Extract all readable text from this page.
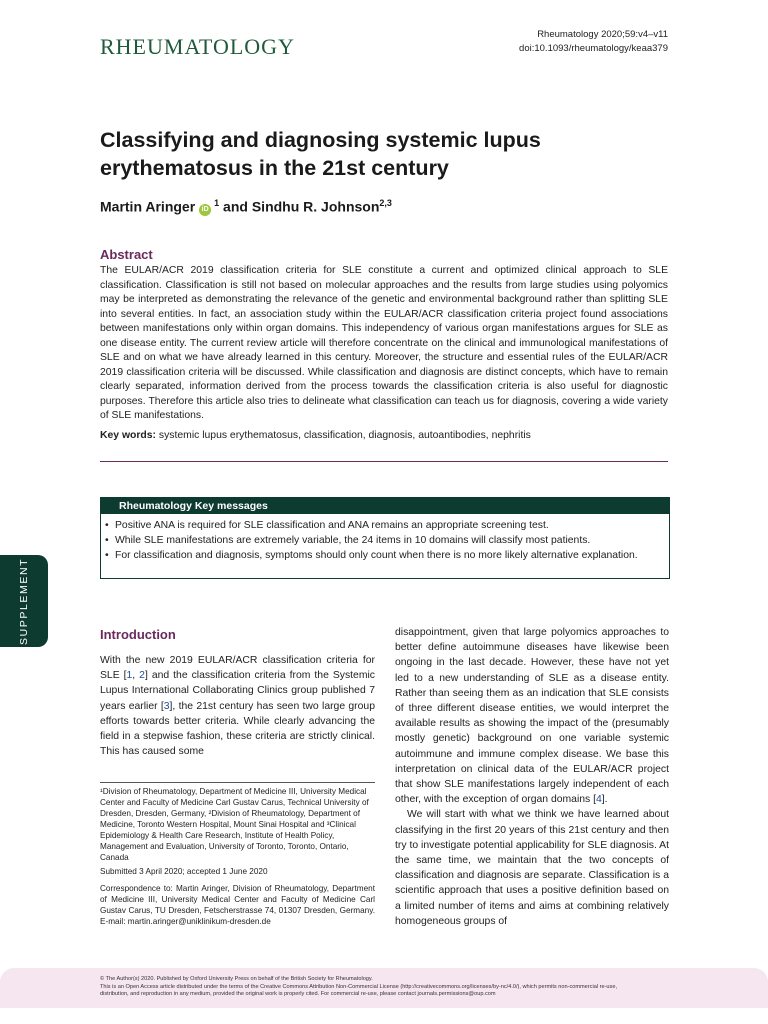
RHEUMATOLOGY	Rheumatology 2020;59:v4–v11
doi:10.1093/rheumatology/keaa379
Classifying and diagnosing systemic lupus erythematosus in the 21st century
Martin Aringer $iD^1$ and Sindhu R. Johnson$^{2,3}$
Abstract
The EULAR/ACR 2019 classification criteria for SLE constitute a current and optimized clinical approach to SLE classification. Classification is still not based on molecular approaches and the results from large studies using polyomics may be interpreted as demonstrating the relevance of the genetic and environmental background rather than splitting SLE into several entities. In fact, an association study within the EULAR/ACR classification criteria project found associations between manifestations only within organ domains. This independency of various organ manifestations argues for SLE as one disease entity. The current review article will therefore concentrate on the clinical and immunological manifestations of SLE and on what we have already learned in this century. Moreover, the structure and essential rules of the EULAR/ACR 2019 classification criteria will be discussed. While classification and diagnosis are distinct concepts, which have to remain clearly separated, information derived from the process towards the classification criteria is also useful for diagnostic purposes. Therefore this article also tries to delineate what classification can teach us for diagnosis, covering a wide variety of SLE manifestations.
Key words: systemic lupus erythematosus, classification, diagnosis, autoantibodies, nephritis
Rheumatology Key messages
• Positive ANA is required for SLE classification and ANA remains an appropriate screening test.
• While SLE manifestations are extremely variable, the 24 items in 10 domains will classify most patients.
• For classification and diagnosis, symptoms should only count when there is no more likely alternative explanation.
SUPPLEMENT	Introduction
With the new 2019 EULAR/ACR classification criteria for SLE [1, 2] and the classification criteria from the Systemic Lupus International Collaborating Clinics group published 7 years earlier [3], the 21st century has seen two large group efforts towards better criteria. While clearly advancing the field in a stepwise fashion, these criteria are strictly clinical. This has caused some
¹Division of Rheumatology, Department of Medicine III, University Medical Center and Faculty of Medicine Carl Gustav Carus, Technical University of Dresden, Dresden, Germany, ²Division of Rheumatology, Department of Medicine, Toronto Western Hospital, Mount Sinai Hospital and ³Clinical Epidemiology & Health Care Research, Institute of Health Policy, Management and Evaluation, University of Toronto, Toronto, Ontario, Canada
Submitted 3 April 2020; accepted 1 June 2020
Correspondence to: Martin Aringer, Division of Rheumatology, Department of Medicine III, University Medical Center and Faculty of Medicine Carl Gustav Carus, TU Dresden, Fetscherstrasse 74, 01307 Dresden, Germany. E-mail: martin.aringer@uniklinikum-dresden.de

disappointment, given that large polyomics approaches to better define autoimmune diseases have likewise been ongoing in the last decade. However, these have not yet led to a new understanding of SLE as a disease entity. Rather than seeing them as an indication that SLE consists of three different disease entities, we would interpret the available results as showing the impact of the (presumably mostly genetic) background on one variable systemic autoimmune and immune complex disease. We base this interpretation on clinical data of the EULAR/ACR project that show SLE manifestations largely independent of each other, with the exception of organ domains [4].

We will start with what we think we have learned about classifying in the first 20 years of this 21st century and then try to investigate potential applicability for SLE diagnosis. At the same time, we maintain that the two concepts of classification and diagnosis are separate. Classification is a scientific approach that uses a positive definition based on a limited number of items and aims at combining relatively homogeneous groups of

© The Author(s) 2020. Published by Oxford University Press on behalf of the British Society for Rheumatology.
This is an Open Access article distributed under the terms of the Creative Commons Attribution Non-Commercial License (http://creativecommons.org/licenses/by-nc/4.0/), which permits non-commercial re-use,
distribution, and reproduction in any medium, provided the original work is properly cited. For commercial re-use, please contact journals.permissions@oup.com
